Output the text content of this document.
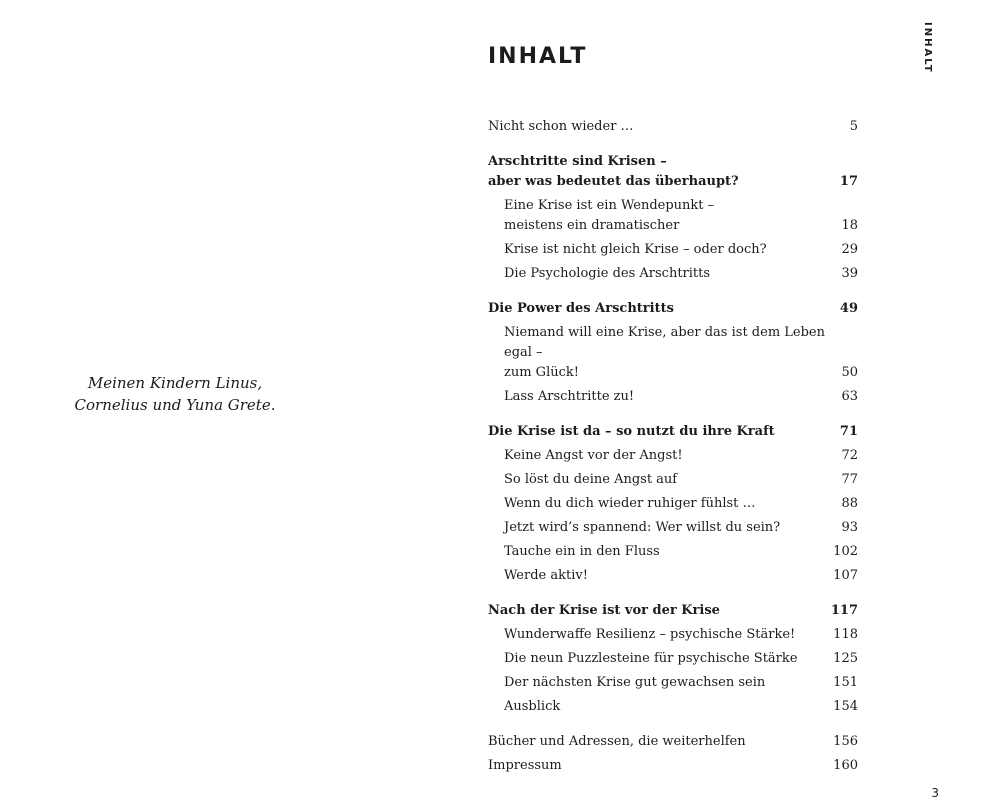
Meinen Kindern Linus,
Cornelius und Yuna Grete.
INHALT
INHALT
Nicht schon wieder …	5
Arschtritte sind Krisen –
aber was bedeutet das überhaupt?	17
Eine Krise ist ein Wendepunkt –
meistens ein dramatischer	18
Krise ist nicht gleich Krise – oder doch?	29
Die Psychologie des Arschtritts	39
Die Power des Arschtritts	49
Niemand will eine Krise, aber das ist dem Leben egal –
zum Glück!	50
Lass Arschtritte zu!	63
Die Krise ist da – so nutzt du ihre Kraft	71
Keine Angst vor der Angst!	72
So löst du deine Angst auf	77
Wenn du dich wieder ruhiger fühlst …	88
Jetzt wird’s spannend: Wer willst du sein?	93
Tauche ein in den Fluss	102
Werde aktiv!	107
Nach der Krise ist vor der Krise	117
Wunderwaffe Resilienz – psychische Stärke!	118
Die neun Puzzlesteine für psychische Stärke	125
Der nächsten Krise gut gewachsen sein	151
Ausblick	154
Bücher und Adressen, die weiterhelfen	156
Impressum	160
3
